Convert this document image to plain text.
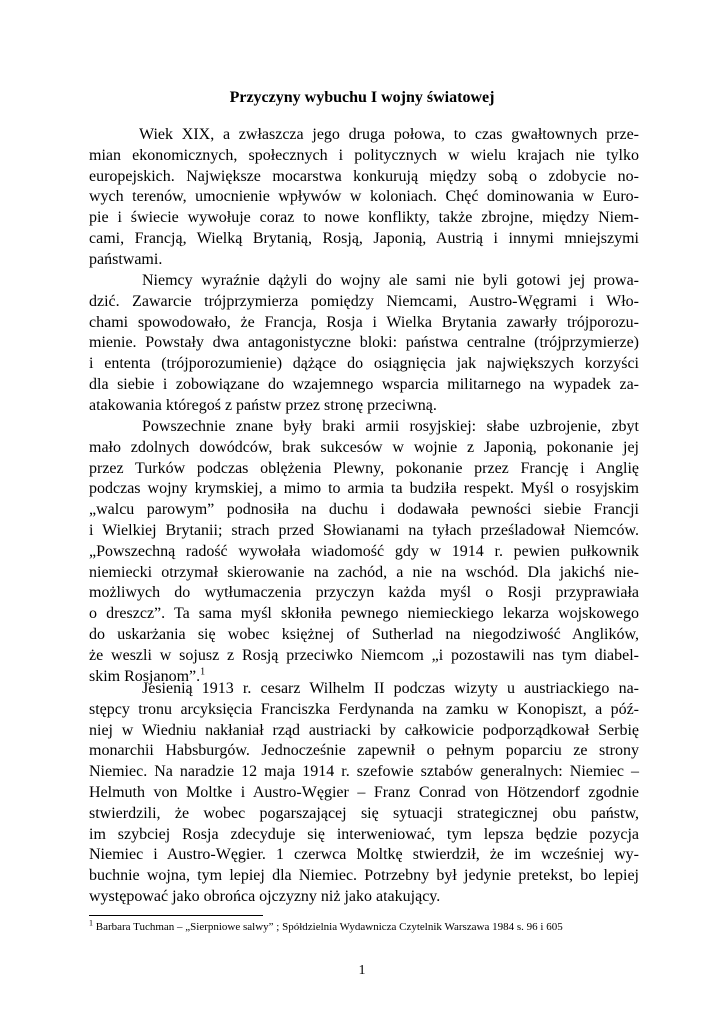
Przyczyny wybuchu I wojny światowej
Wiek XIX, a zwłaszcza jego druga połowa, to czas gwałtownych prze-
mian ekonomicznych, społecznych i politycznych w wielu krajach nie tylko
europejskich. Największe mocarstwa konkurują między sobą o zdobycie no-
wych terenów, umocnienie wpływów w koloniach. Chęć dominowania w Euro-
pie i świecie wywołuje coraz to nowe konflikty, także zbrojne, między Niem-
cami, Francją, Wielką Brytanią, Rosją, Japonią, Austrią i innymi mniejszymi
państwami.
Niemcy wyraźnie dążyli do wojny ale sami nie byli gotowi jej prowa-
dzić. Zawarcie trójprzymierza pomiędzy Niemcami, Austro-Węgrami i Wło-
chami spowodowało, że Francja, Rosja i Wielka Brytania zawarły trójporozu-
mienie. Powstały dwa antagonistyczne bloki: państwa centralne (trójprzymierze)
i ententa (trójporozumienie) dążące do osiągnięcia jak największych korzyści
dla siebie i zobowiązane do wzajemnego wsparcia militarnego na wypadek za-
atakowania któregoś z państw przez stronę przeciwną.
Powszechnie znane były braki armii rosyjskiej: słabe uzbrojenie, zbyt
mało zdolnych dowódców, brak sukcesów w wojnie z Japonią, pokonanie jej
przez Turków podczas oblężenia Plewny, pokonanie przez Francję i Anglię
podczas wojny krymskiej, a mimo to armia ta budziła respekt. Myśl o rosyjskim
„walcu parowym” podnosiła na duchu i dodawała pewności siebie Francji
i Wielkiej Brytanii; strach przed Słowianami na tyłach prześladował Niemców.
„Powszechną radość wywołała wiadomość gdy w 1914 r. pewien pułkownik
niemiecki otrzymał skierowanie na zachód, a nie na wschód. Dla jakichś nie-
możliwych do wytłumaczenia przyczyn każda myśl o Rosji przyprawiała
o dreszcz”. Ta sama myśl skłoniła pewnego niemieckiego lekarza wojskowego
do uskarżania się wobec księżnej of Sutherlad na niegodziwość Anglików,
że weszli w sojusz z Rosją przeciwko Niemcom „i pozostawili nas tym diabel-
skim Rosjanom”.$^1$
Jesienią 1913 r. cesarz Wilhelm II podczas wizyty u austriackiego na-
stępcy tronu arcyksięcia Franciszka Ferdynanda na zamku w Konopiszt, a póź-
niej w Wiedniu nakłaniał rząd austriacki by całkowicie podporządkował Serbię
monarchii Habsburgów. Jednocześnie zapewnił o pełnym poparciu ze strony
Niemiec. Na naradzie 12 maja 1914 r. szefowie sztabów generalnych: Niemiec –
Helmuth von Moltke i Austro-Węgier – Franz Conrad von Hötzendorf zgodnie
stwierdzili, że wobec pogarszającej się sytuacji strategicznej obu państw,
im szybciej Rosja zdecyduje się interweniować, tym lepsza będzie pozycja
Niemiec i Austro-Węgier. 1 czerwca Moltkę stwierdził, że im wcześniej wy-
buchnie wojna, tym lepiej dla Niemiec. Potrzebny był jedynie pretekst, bo lepiej
występować jako obrońca ojczyzny niż jako atakujący.
$^1$ Barbara Tuchman – „Sierpniowe salwy” ; Spółdzielnia Wydawnicza Czytelnik Warszawa 1984 s. 96 i 605
1
